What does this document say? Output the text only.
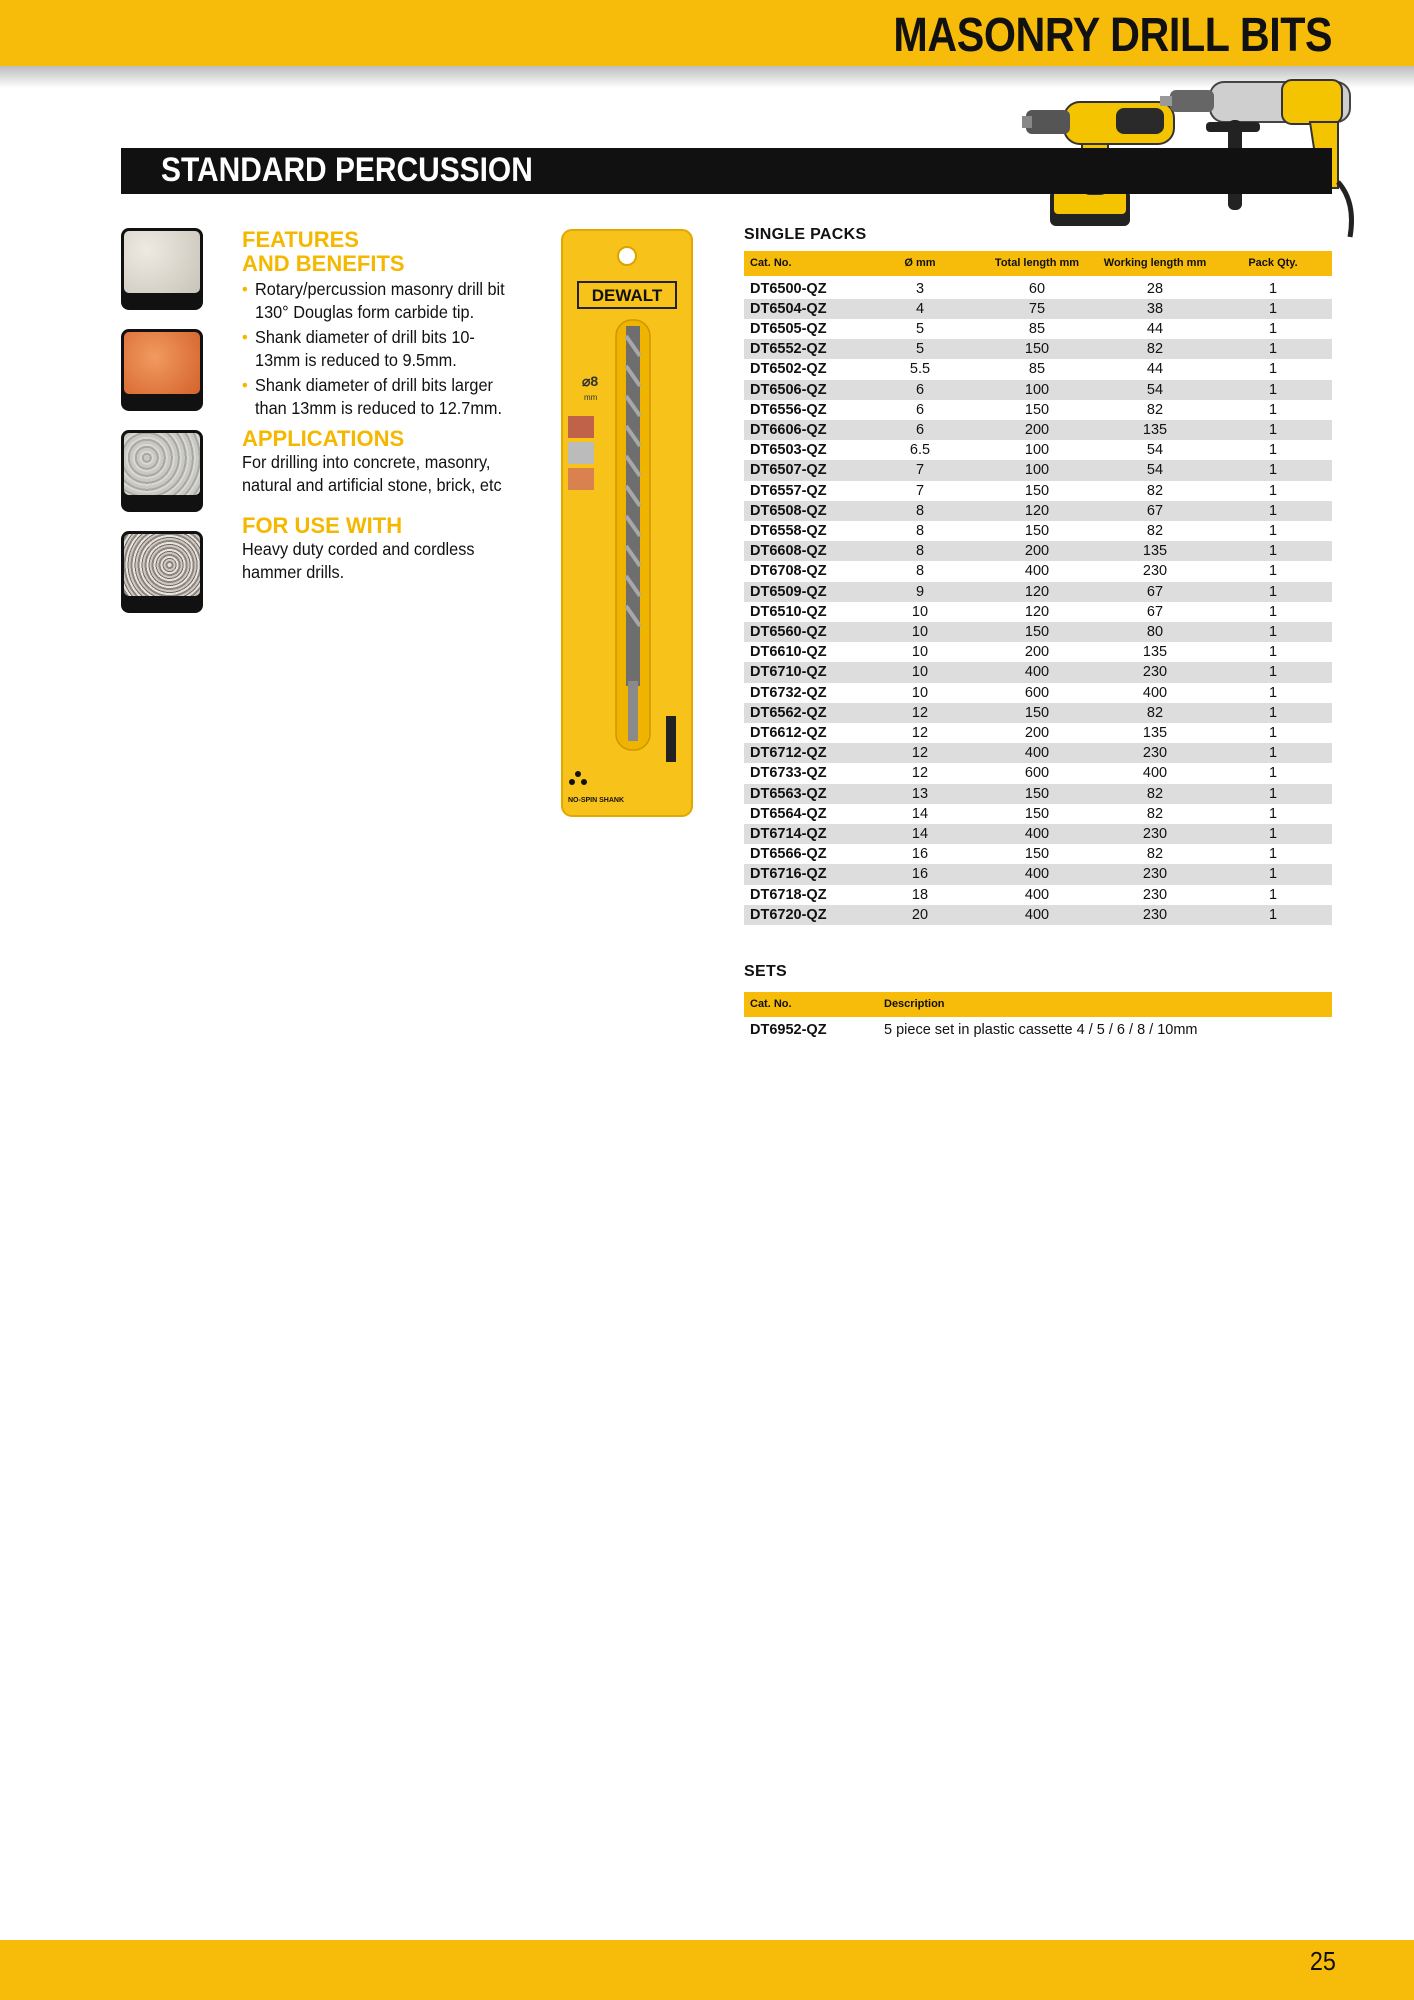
MASONRY DRILL BITS
STANDARD PERCUSSION
FEATURES
AND BENEFITS
• Rotary/percussion masonry drill bit 130° Douglas form carbide tip.
• Shank diameter of drill bits 10-13mm is reduced to 9.5mm.
• Shank diameter of drill bits larger than 13mm is reduced to 12.7mm.
APPLICATIONS
For drilling into concrete, masonry, natural and artificial stone, brick, etc
FOR USE WITH
Heavy duty corded and cordless hammer drills.
DEWALT
⌀8
mm
NO-SPIN SHANK
SINGLE PACKS
Cat. No.	Ø mm	Total length mm	Working length mm	Pack Qty.
DT6500-QZ	3	60	28	1
DT6504-QZ	4	75	38	1
DT6505-QZ	5	85	44	1
DT6552-QZ	5	150	82	1
DT6502-QZ	5.5	85	44	1
DT6506-QZ	6	100	54	1
DT6556-QZ	6	150	82	1
DT6606-QZ	6	200	135	1
DT6503-QZ	6.5	100	54	1
DT6507-QZ	7	100	54	1
DT6557-QZ	7	150	82	1
DT6508-QZ	8	120	67	1
DT6558-QZ	8	150	82	1
DT6608-QZ	8	200	135	1
DT6708-QZ	8	400	230	1
DT6509-QZ	9	120	67	1
DT6510-QZ	10	120	67	1
DT6560-QZ	10	150	80	1
DT6610-QZ	10	200	135	1
DT6710-QZ	10	400	230	1
DT6732-QZ	10	600	400	1
DT6562-QZ	12	150	82	1
DT6612-QZ	12	200	135	1
DT6712-QZ	12	400	230	1
DT6733-QZ	12	600	400	1
DT6563-QZ	13	150	82	1
DT6564-QZ	14	150	82	1
DT6714-QZ	14	400	230	1
DT6566-QZ	16	150	82	1
DT6716-QZ	16	400	230	1
DT6718-QZ	18	400	230	1
DT6720-QZ	20	400	230	1
SETS
Cat. No.	Description
DT6952-QZ	5 piece set in plastic cassette 4 / 5 / 6 / 8 / 10mm
25
